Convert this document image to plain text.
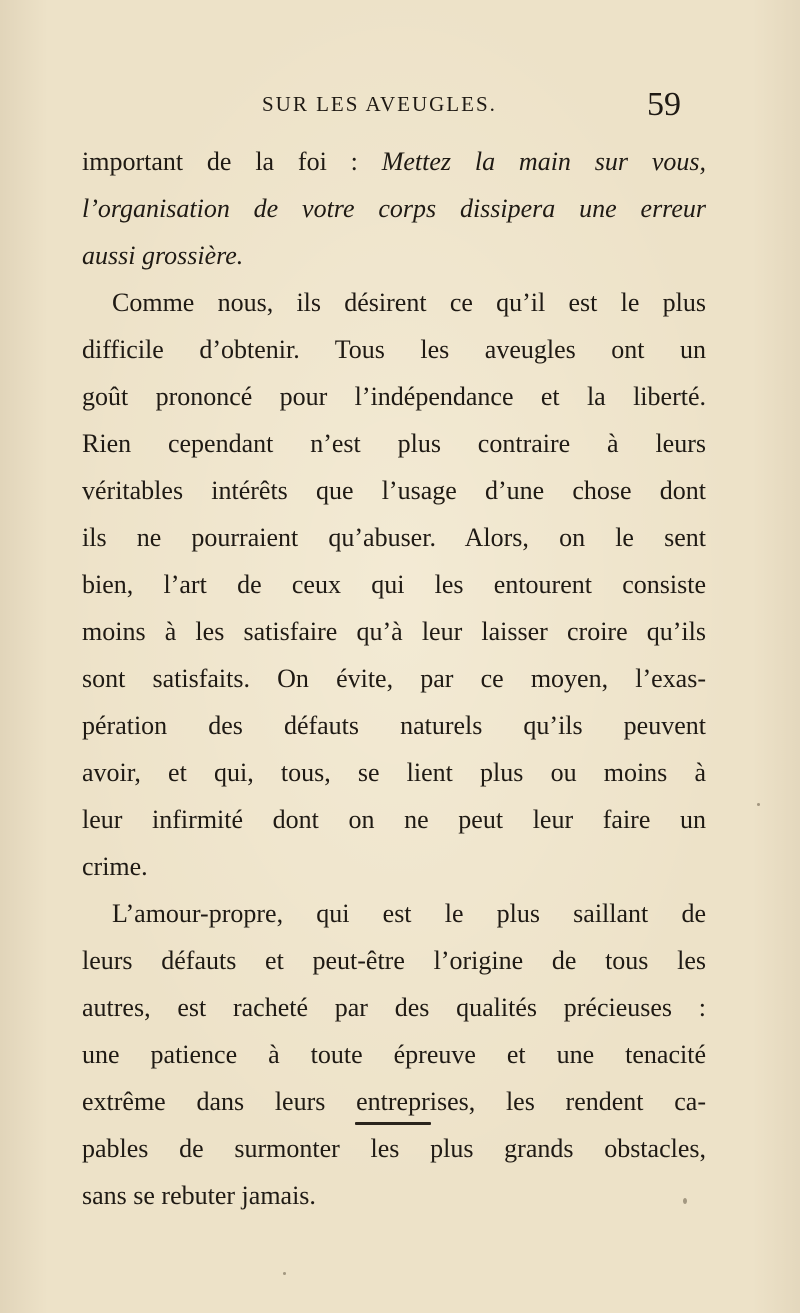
SUR LES AVEUGLES.	59
important de la foi : Mettez la main sur vous,
l’organisation de votre corps dissipera une erreur
aussi grossière.
Comme nous, ils désirent ce qu’il est le plus
difficile d’obtenir. Tous les aveugles ont un
goût prononcé pour l’indépendance et la liberté.
Rien cependant n’est plus contraire à leurs
véritables intérêts que l’usage d’une chose dont
ils ne pourraient qu’abuser. Alors, on le sent
bien, l’art de ceux qui les entourent consiste
moins à les satisfaire qu’à leur laisser croire qu’ils
sont satisfaits. On évite, par ce moyen, l’exas-
pération des défauts naturels qu’ils peuvent
avoir, et qui, tous, se lient plus ou moins à
leur infirmité dont on ne peut leur faire un
crime.
L’amour-propre, qui est le plus saillant de
leurs défauts et peut-être l’origine de tous les
autres, est racheté par des qualités précieuses :
une patience à toute épreuve et une tenacité
extrême dans leurs entreprises, les rendent ca-
pables de surmonter les plus grands obstacles,
sans se rebuter jamais.
